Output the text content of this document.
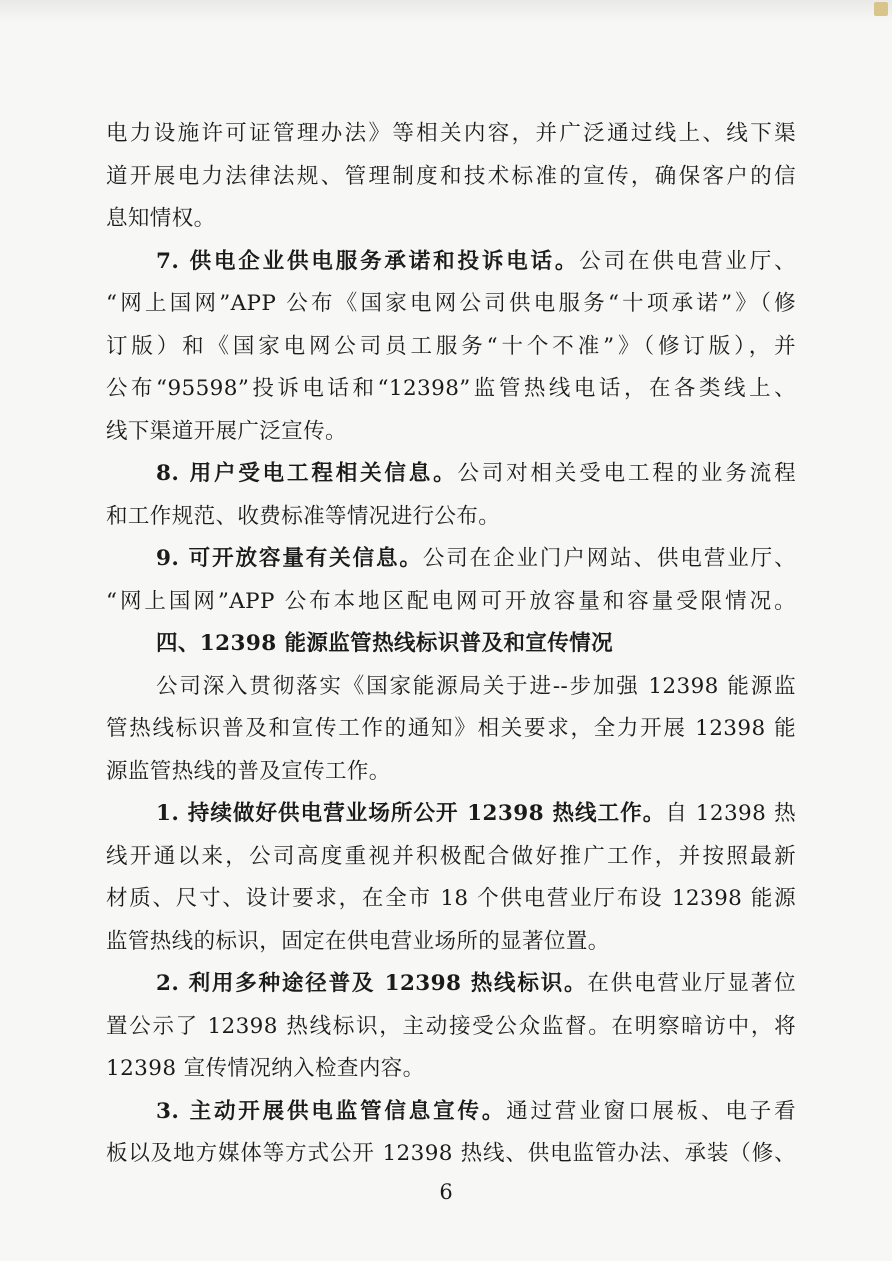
电力设施许可证管理办法》等相关内容，并广泛通过线上、线下渠
道开展电力法律法规、管理制度和技术标准的宣传，确保客户的信
息知情权。
7. 供电企业供电服务承诺和投诉电话。公司在供电营业厅、
“网上国网”APP 公布《国家电网公司供电服务“十项承诺”》（修
订版）和《国家电网公司员工服务“十个不准”》（修订版），并
公布“95598”投诉电话和“12398”监管热线电话，在各类线上、
线下渠道开展广泛宣传。
8. 用户受电工程相关信息。公司对相关受电工程的业务流程
和工作规范、收费标准等情况进行公布。
9. 可开放容量有关信息。公司在企业门户网站、供电营业厅、
“网上国网”APP 公布本地区配电网可开放容量和容量受限情况。
四、12398 能源监管热线标识普及和宣传情况
公司深入贯彻落实《国家能源局关于进--步加强 12398 能源监
管热线标识普及和宣传工作的通知》相关要求，全力开展 12398 能
源监管热线的普及宣传工作。
1. 持续做好供电营业场所公开 12398 热线工作。自 12398 热
线开通以来，公司高度重视并积极配合做好推广工作，并按照最新
材质、尺寸、设计要求，在全市 18 个供电营业厅布设 12398 能源
监管热线的标识，固定在供电营业场所的显著位置。
2. 利用多种途径普及 12398 热线标识。在供电营业厅显著位
置公示了 12398 热线标识，主动接受公众监督。在明察暗访中，将
12398 宣传情况纳入检查内容。
3. 主动开展供电监管信息宣传。通过营业窗口展板、电子看
板以及地方媒体等方式公开 12398 热线、供电监管办法、承装（修、
6
